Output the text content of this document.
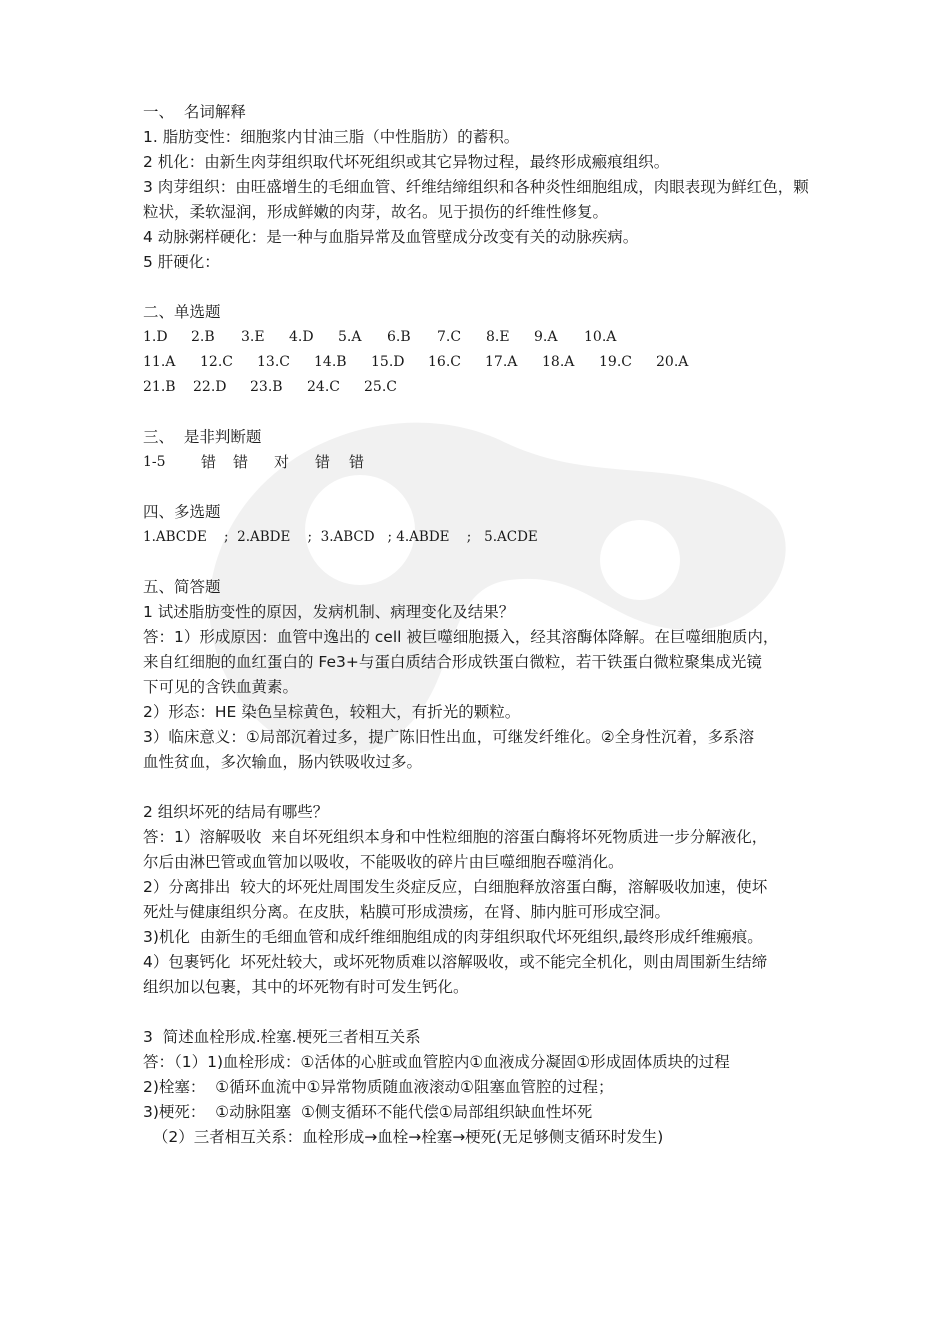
一、  名词解释
1. 脂肪变性：细胞浆内甘油三脂（中性脂肪）的蓄积。
2 机化：由新生肉芽组织取代坏死组织或其它异物过程，最终形成瘢痕组织。
3 肉芽组织：由旺盛增生的毛细血管、纤维结缔组织和各种炎性细胞组成，肉眼表现为鲜红色，颗粒状，柔软湿润，形成鲜嫩的肉芽，故名。见于损伤的纤维性修复。
4 动脉粥样硬化：是一种与血脂异常及血管壁成分改变有关的动脉疾病。
5 肝硬化：
二、单选题
1.D	2.B	3.E	4.D	5.A	6.B	7.C	8.E	9.A	10.A
11.A	12.C	13.C	14.B	15.D	16.C	17.A	18.A	19.C	20.A
21.B	22.D	23.B	24.C	25.C
三、  是非判断题
1-5	错	错	对	错	错
四、多选题
1.ABCDE    ;  2.ABDE    ;  3.ABCD   ; 4.ABDE    ;   5.ACDE
五、简答题
1 试述脂肪变性的原因，发病机制、病理变化及结果？
答：1）形成原因：血管中逸出的 cell 被巨噬细胞摄入，经其溶酶体降解。在巨噬细胞质内，
来自红细胞的血红蛋白的 Fe3+与蛋白质结合形成铁蛋白微粒，若干铁蛋白微粒聚集成光镜
下可见的含铁血黄素。
2）形态：HE 染色呈棕黄色，较粗大，有折光的颗粒。
3）临床意义：①局部沉着过多，提广陈旧性出血，可继发纤维化。②全身性沉着，多系溶
血性贫血，多次输血，肠内铁吸收过多。
2 组织坏死的结局有哪些？
答：1）溶解吸收  来自坏死组织本身和中性粒细胞的溶蛋白酶将坏死物质进一步分解液化，
尔后由淋巴管或血管加以吸收，不能吸收的碎片由巨噬细胞吞噬消化。
2）分离排出  较大的坏死灶周围发生炎症反应，白细胞释放溶蛋白酶，溶解吸收加速，使坏
死灶与健康组织分离。在皮肤，粘膜可形成溃疡，在肾、肺内脏可形成空洞。
3)机化  由新生的毛细血管和成纤维细胞组成的肉芽组织取代坏死组织,最终形成纤维瘢痕。
4）包裹钙化  坏死灶较大，或坏死物质难以溶解吸收，或不能完全机化，则由周围新生结缔
组织加以包裹，其中的坏死物有时可发生钙化。
3  简述血栓形成.栓塞.梗死三者相互关系
答：（1）1)血栓形成：①活体的心脏或血管腔内①血液成分凝固①形成固体质块的过程
2)栓塞：  ①循环血流中①异常物质随血液滚动①阻塞血管腔的过程；
3)梗死：  ①动脉阻塞  ①侧支循环不能代偿①局部组织缺血性坏死
（2）三者相互关系：血栓形成→血栓→栓塞→梗死(无足够侧支循环时发生)
